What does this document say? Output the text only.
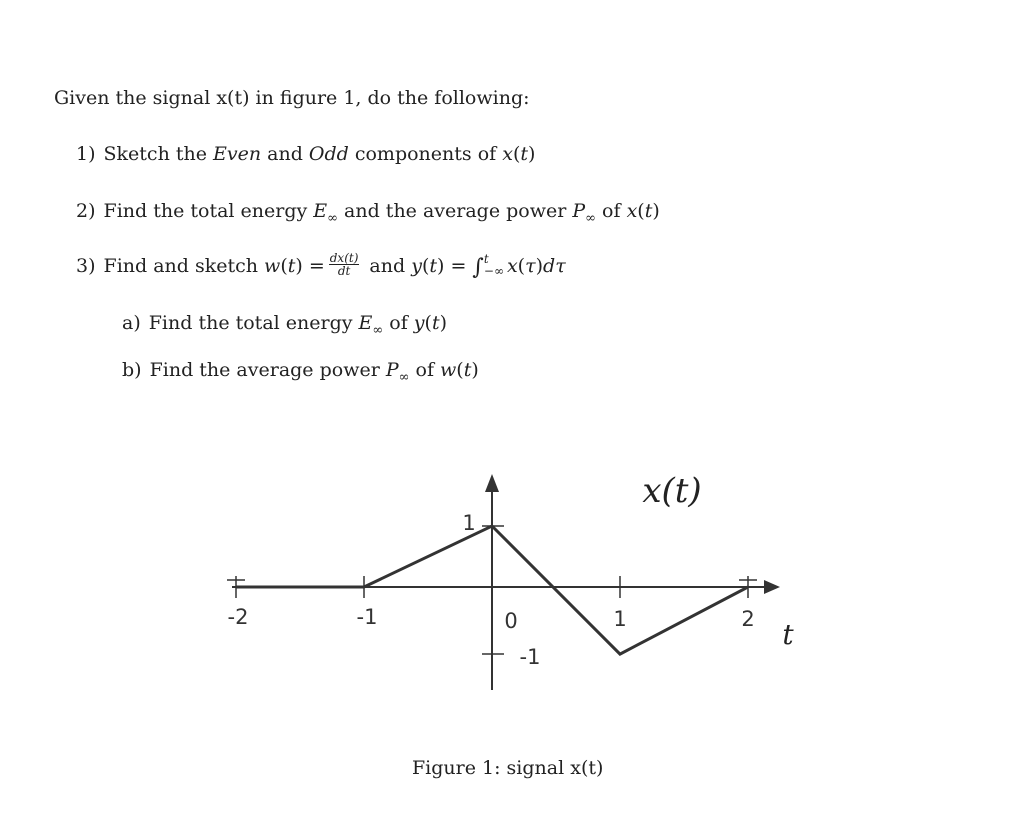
Given the signal x(t) in figure 1, do the following:
1) Sketch the Even and Odd components of x(t)
2) Find the total energy $E_\infty$ and the average power $P_\infty$ of x(t)
3) Find and sketch $w(t) = \frac{dx(t)}{dt}$ and y(t) = ∫ t
−∞ x(τ)dτ
a) Find the total energy $E_\infty$ of y(t)
b) Find the average power $P_\infty$ of w(t)
-2	-1	0	1	2
1
-1
x(t)
t
Figure 1: signal x(t)
